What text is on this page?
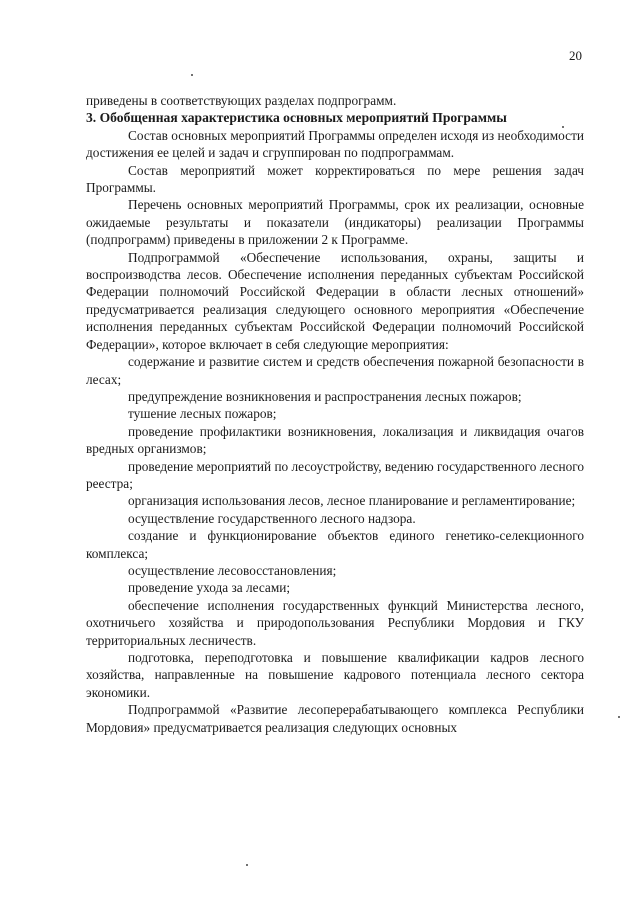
20

приведены в соответствующих разделах подпрограмм.

3. Обобщенная характеристика основных мероприятий Программы

Состав основных мероприятий Программы определен исходя из необходимости достижения ее целей и задач и сгруппирован по подпрограммам.

Состав мероприятий может корректироваться по мере решения задач Программы.

Перечень основных мероприятий Программы, срок их реализации, основные ожидаемые результаты и показатели (индикаторы) реализации Программы (подпрограмм) приведены в приложении 2 к Программе.

Подпрограммой «Обеспечение использования, охраны, защиты и воспроизводства лесов. Обеспечение исполнения переданных субъектам Российской Федерации полномочий Российской Федерации в области лесных отношений» предусматривается реализация следующего основного мероприятия «Обеспечение исполнения переданных субъектам Российской Федерации полномочий Российской Федерации», которое включает в себя следующие мероприятия:

содержание и развитие систем и средств обеспечения пожарной безопасности в лесах;

предупреждение возникновения и распространения лесных пожаров;

тушение лесных пожаров;

проведение профилактики возникновения, локализация и ликвидация очагов вредных организмов;

проведение мероприятий по лесоустройству, ведению государственного лесного реестра;

организация использования лесов, лесное планирование и регламентирование;

осуществление государственного лесного надзора.

создание и функционирование объектов единого генетико-селекционного комплекса;

осуществление лесовосстановления;

проведение ухода за лесами;

обеспечение исполнения государственных функций Министерства лесного, охотничьего хозяйства и природопользования Республики Мордовия и ГКУ территориальных лесничеств.

подготовка, переподготовка и повышение квалификации кадров лесного хозяйства, направленные на повышение кадрового потенциала лесного сектора экономики.

Подпрограммой «Развитие лесоперерабатывающего комплекса Республики Мордовия» предусматривается реализация следующих основных
